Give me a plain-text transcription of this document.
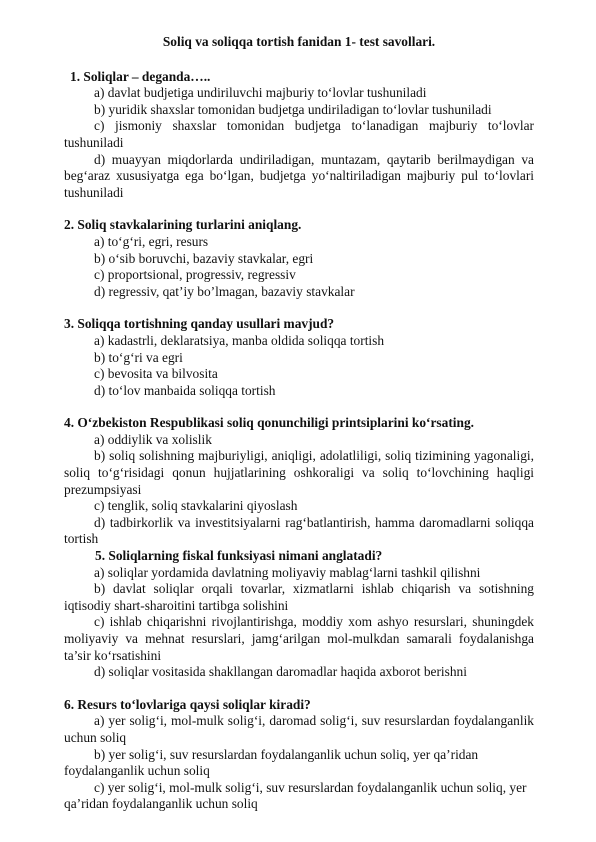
Soliq va soliqqa tortish fanidan 1- test savollari.

1. Soliqlar – deganda…..

a) davlat budjetiga undiriluvchi majburiy to‘lovlar tushuniladi

b) yuridik shaxslar tomonidan budjetga undiriladigan to‘lovlar tushuniladi

c) jismoniy shaxslar tomonidan budjetga to‘lanadigan majburiy to‘lovlar tushuniladi

d) muayyan miqdorlarda undiriladigan, muntazam, qaytarib berilmaydigan va beg‘araz xususiyatga ega bo‘lgan, budjetga yo‘naltiriladigan majburiy pul to‘lovlari tushuniladi

2. Soliq stavkalarining turlarini aniqlang.

a) to‘g‘ri, egri, resurs

b) o‘sib boruvchi, bazaviy stavkalar, egri

c) proportsional, progressiv, regressiv

d) regressiv, qat’iy bo’lmagan, bazaviy stavkalar

3. Soliqqa tortishning qanday usullari mavjud?

a) kadastrli, deklaratsiya, manba oldida soliqqa tortish

b) to‘g‘ri va egri

c) bevosita va bilvosita

d) to‘lov manbaida soliqqa tortish

4. O‘zbekiston Respublikasi soliq qonunchiligi printsiplarini ko‘rsating.

a) oddiylik va xolislik

b) soliq solishning majburiyligi, aniqligi, adolatliligi, soliq tizimining yagonaligi, soliq to‘g‘risidagi qonun hujjatlarining oshkoraligi va soliq to‘lovchining haqligi prezumpsiyasi

c) tenglik, soliq stavkalarini qiyoslash

d) tadbirkorlik va investitsiyalarni rag‘batlantirish, hamma daromadlarni soliqqa tortish

5. Soliqlarning fiskal funksiyasi nimani anglatadi?

a) soliqlar yordamida davlatning moliyaviy mablag‘larni tashkil qilishni

b) davlat soliqlar orqali tovarlar, xizmatlarni ishlab chiqarish va sotishning iqtisodiy shart-sharoitini tartibga solishini

c) ishlab chiqarishni rivojlantirishga, moddiy xom ashyo resurslari, shuningdek moliyaviy va mehnat resurslari, jamg‘arilgan mol-mulkdan samarali foydalanishga ta’sir ko‘rsatishini

d) soliqlar vositasida shakllangan daromadlar haqida axborot berishni

6. Resurs to‘lovlariga qaysi soliqlar kiradi?

a) yer solig‘i, mol-mulk solig‘i, daromad solig‘i, suv resurslardan foydalanganlik uchun soliq

b) yer solig‘i, suv resurslardan foydalanganlik uchun soliq, yer qa’ridan foydalanganlik uchun soliq

c) yer solig‘i, mol-mulk solig‘i, suv resurslardan foydalanganlik uchun soliq, yer qa’ridan foydalanganlik uchun soliq
